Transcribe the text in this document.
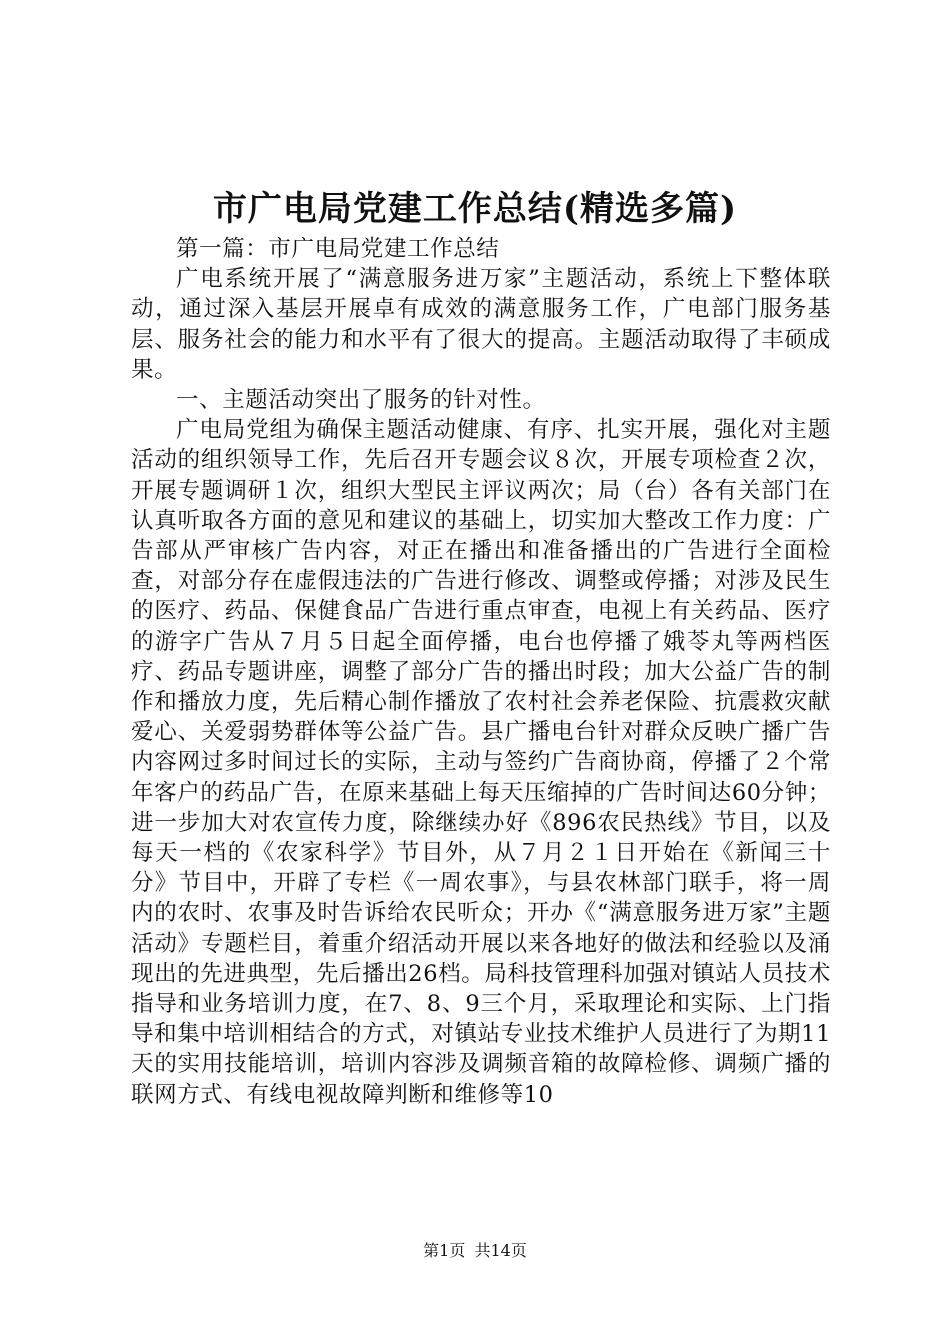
市广电局党建工作总结(精选多篇)

第一篇：市广电局党建工作总结

广电系统开展了“满意服务进万家”主题活动，系统上下整体联动，通过深入基层开展卓有成效的满意服务工作，广电部门服务基层、服务社会的能力和水平有了很大的提高。主题活动取得了丰硕成果。

一、主题活动突出了服务的针对性。

广电局党组为确保主题活动健康、有序、扎实开展，强化对主题活动的组织领导工作，先后召开专题会议８次，开展专项检查２次，开展专题调研１次，组织大型民主评议两次；局（台）各有关部门在认真听取各方面的意见和建议的基础上，切实加大整改工作力度：广告部从严审核广告内容，对正在播出和准备播出的广告进行全面检查，对部分存在虚假违法的广告进行修改、调整或停播；对涉及民生的医疗、药品、保健食品广告进行重点审查，电视上有关药品、医疗的游字广告从７月５日起全面停播，电台也停播了娥苓丸等两档医疗、药品专题讲座，调整了部分广告的播出时段；加大公益广告的制作和播放力度，先后精心制作播放了农村社会养老保险、抗震救灾献爱心、关爱弱势群体等公益广告。县广播电台针对群众反映广播广告内容网过多时间过长的实际，主动与签约广告商协商，停播了２个常年客户的药品广告，在原来基础上每天压缩掉的广告时间达60分钟；进一步加大对农宣传力度，除继续办好《896农民热线》节目，以及每天一档的《农家科学》节目外，从７月２１日开始在《新闻三十分》节目中，开辟了专栏《一周农事》，与县农林部门联手，将一周内的农时、农事及时告诉给农民听众；开办《“满意服务进万家”主题活动》专题栏目，着重介绍活动开展以来各地好的做法和经验以及涌现出的先进典型，先后播出26档。局科技管理科加强对镇站人员技术指导和业务培训力度，在7、8、9三个月，采取理论和实际、上门指导和集中培训相结合的方式，对镇站专业技术维护人员进行了为期11天的实用技能培训，培训内容涉及调频音箱的故障检修、调频广播的联网方式、有线电视故障判断和维修等10

第1页 共14页
